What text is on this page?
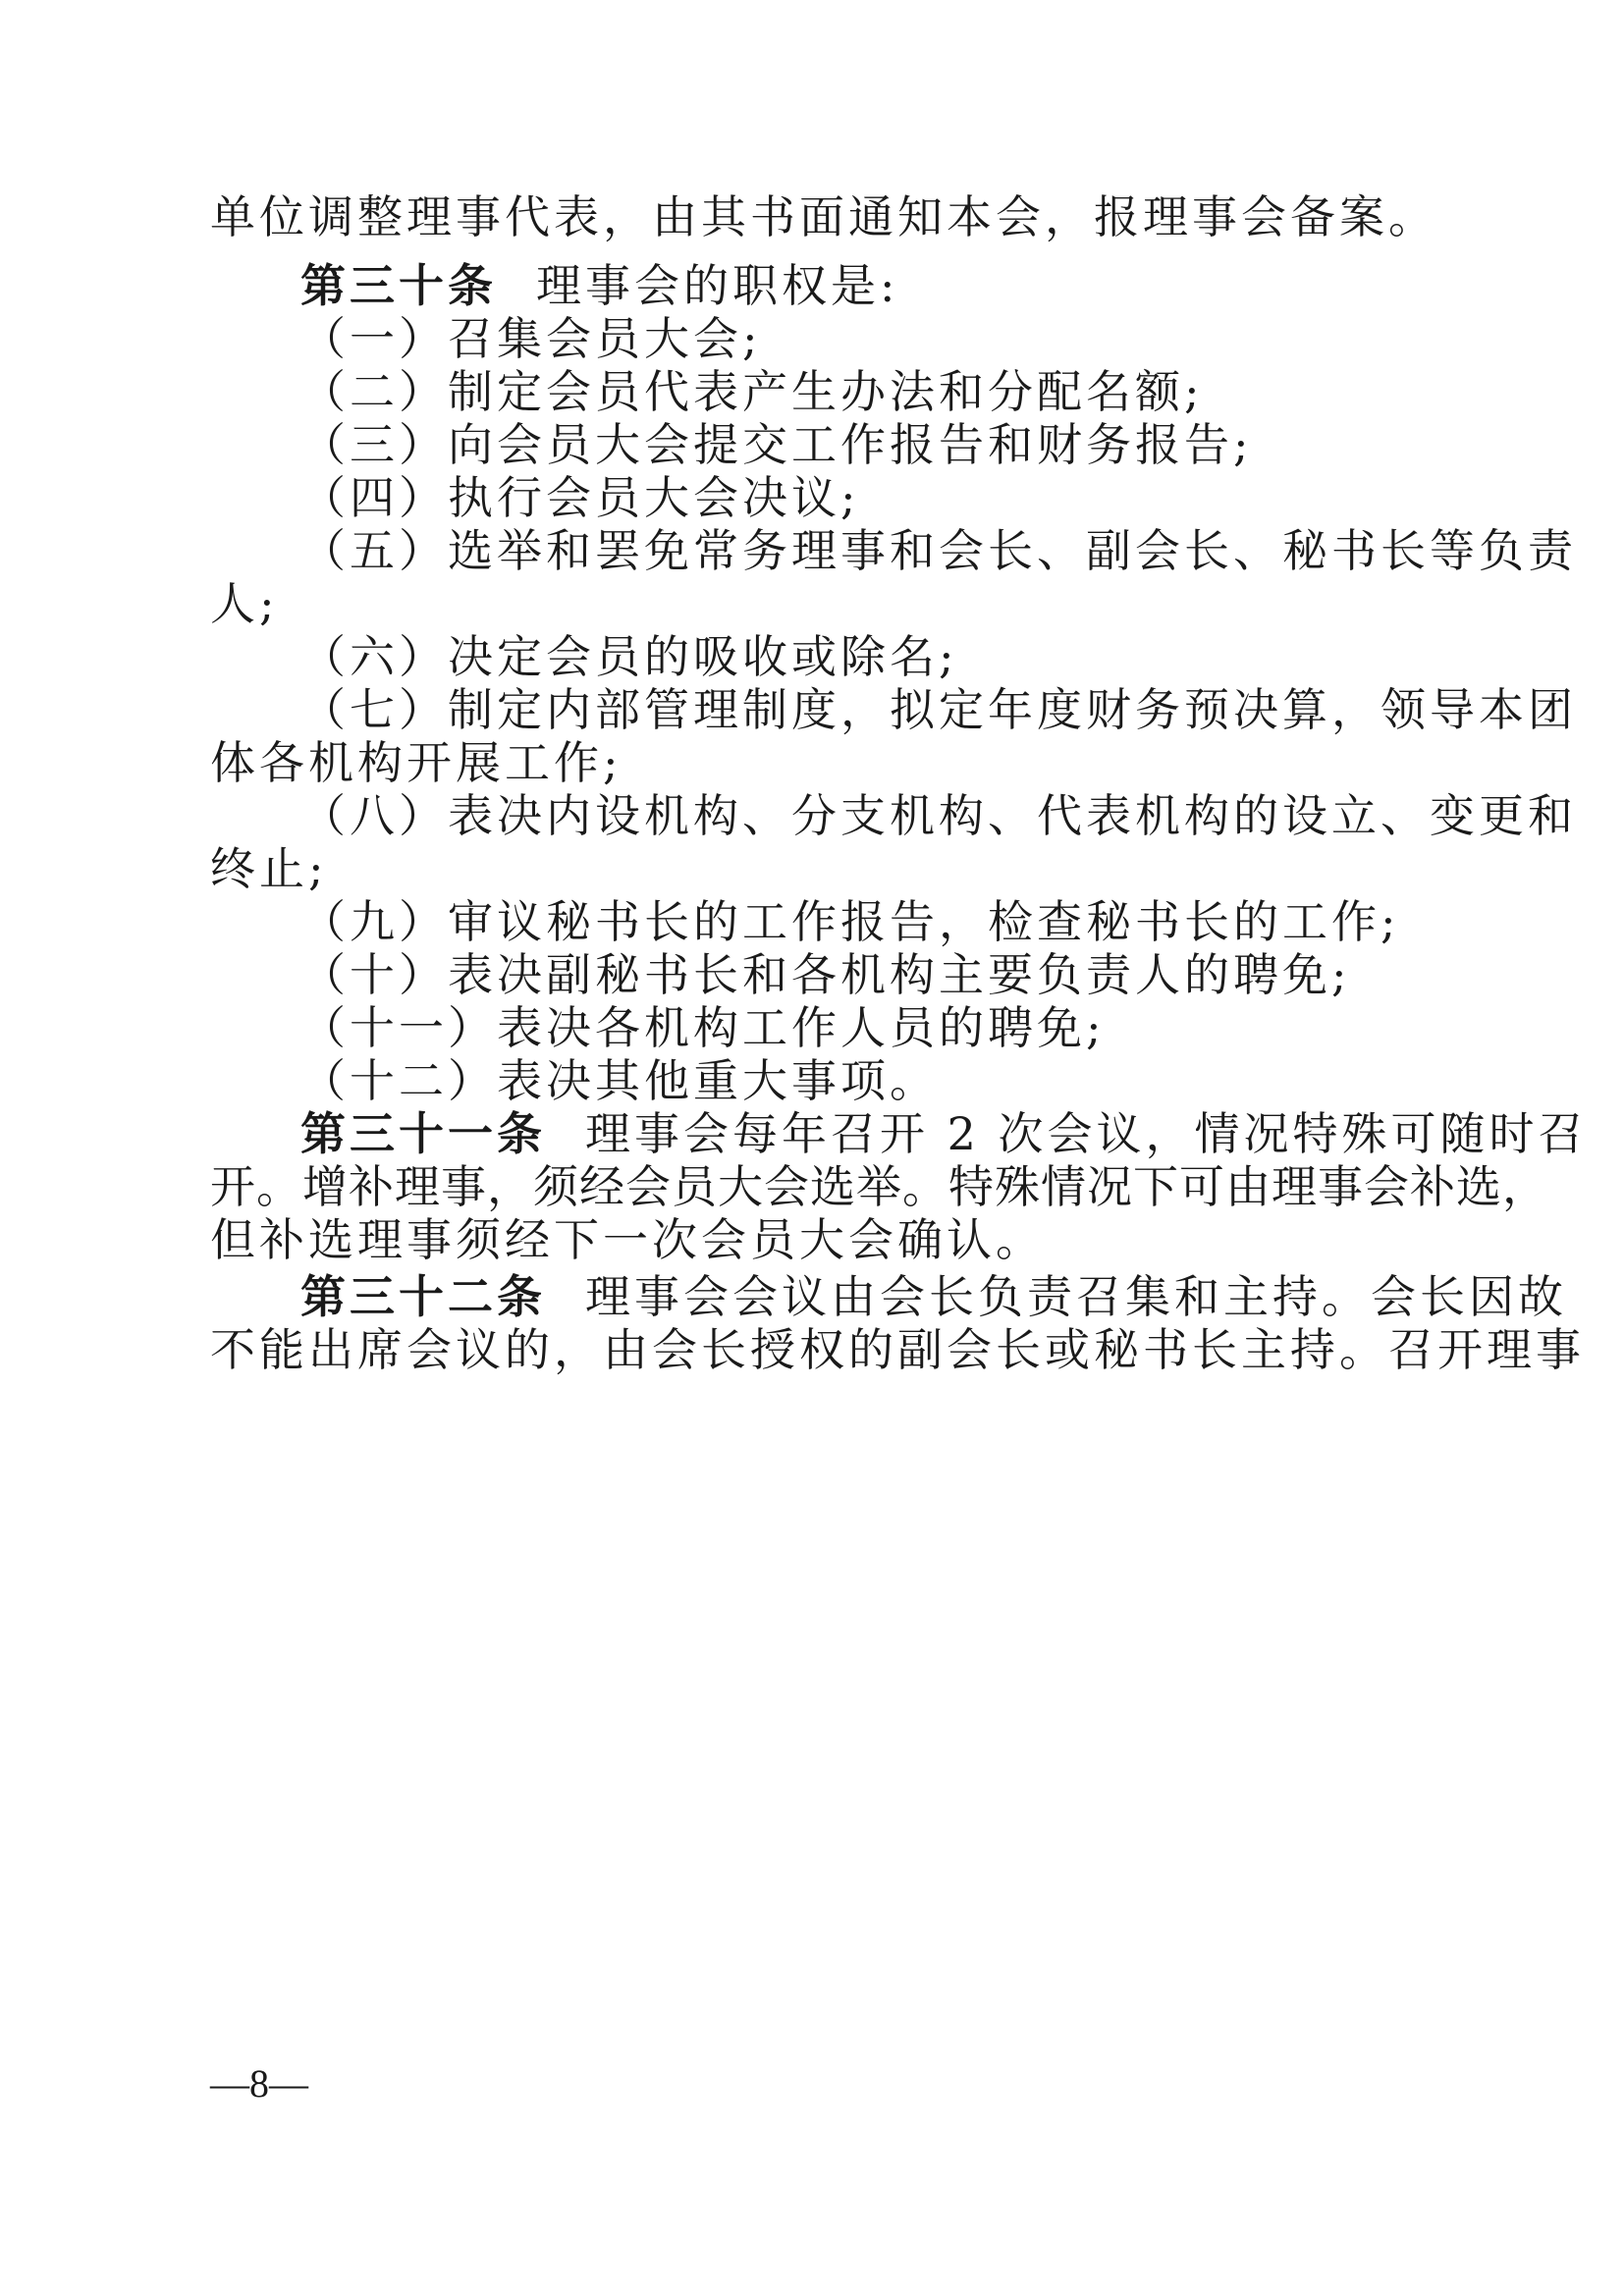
单位调整理事代表，由其书面通知本会，报理事会备案。
第三十条 理事会的职权是:
（一）召集会员大会;
（二）制定会员代表产生办法和分配名额;
（三）向会员大会提交工作报告和财务报告;
（四）执行会员大会决议;
（五）选举和罢免常务理事和会长、副会长、秘书长等负责
人;
（六）决定会员的吸收或除名;
（七）制定内部管理制度，拟定年度财务预决算，领导本团
体各机构开展工作;
（八）表决内设机构、分支机构、代表机构的设立、变更和
终止;
（九）审议秘书长的工作报告，检查秘书长的工作;
（十）表决副秘书长和各机构主要负责人的聘免;
（十一）表决各机构工作人员的聘免;
（十二）表决其他重大事项。
第三十一条 理事会每年召开 2 次会议，情况特殊可随时召
开。增补理事，须经会员大会选举。特殊情况下可由理事会补选，
但补选理事须经下一次会员大会确认。
第三十二条 理事会会议由会长负责召集和主持。会长因故
不能出席会议的，由会长授权的副会长或秘书长主持。召开理事
—8—
